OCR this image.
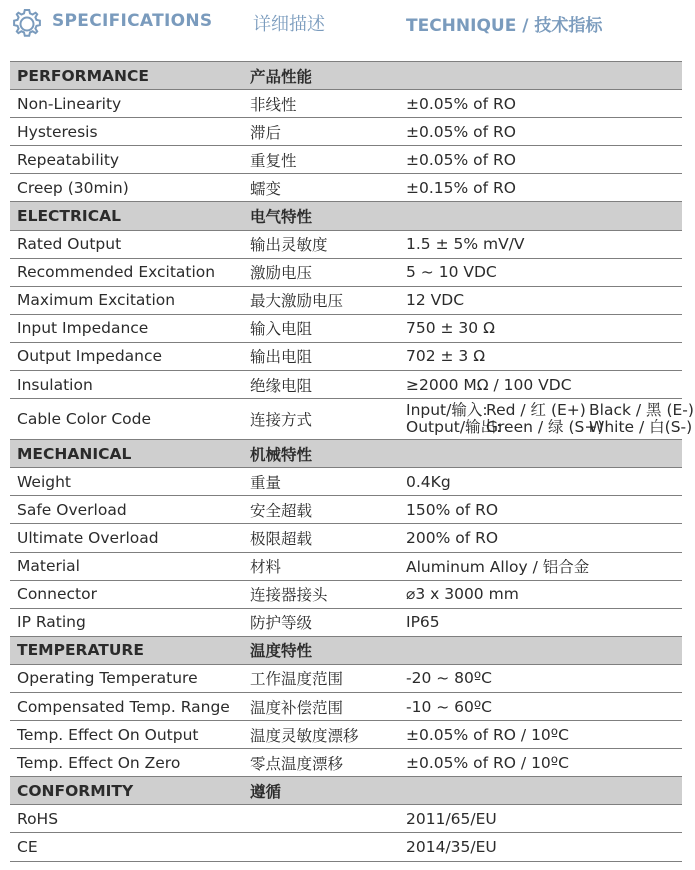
SPECIFICATIONS 详细描述	TECHNIQUE / 技术指标
PERFORMANCE	产品性能	
Non-Linearity	非线性	±0.05% of RO
Hysteresis	滞后	±0.05% of RO
Repeatability	重复性	±0.05% of RO
Creep (30min)	蠕变	±0.15% of RO
ELECTRICAL	电气特性	
Rated Output	输出灵敏度	1.5 ± 5% mV/V
Recommended Excitation	激励电压	5 ~ 10 VDC
Maximum Excitation	最大激励电压	12 VDC
Input Impedance	输入电阻	750 ± 30 Ω
Output Impedance	输出电阻	702 ± 3 Ω
Insulation	绝缘电阻	≥2000 MΩ / 100 VDC
Cable Color Code	连接方式	Input/输入:Red / 红 (E+) Black / 黑 (E-)
Output/输出:Green / 绿 (S+)White / 白(S-)

MECHANICAL	机械特性	
Weight	重量	0.4Kg
Safe Overload	安全超载	150% of RO
Ultimate Overload	极限超载	200% of RO
Material	材料	Aluminum Alloy / 铝合金
Connector	连接器接头	⌀3 x 3000 mm
IP Rating	防护等级	IP65
TEMPERATURE	温度特性	
Operating Temperature	工作温度范围	-20 ~ 80ºC
Compensated Temp. Range	温度补偿范围	-10 ~ 60ºC
Temp. Effect On Output	温度灵敏度漂移	±0.05% of RO / 10ºC
Temp. Effect On Zero	零点温度漂移	±0.05% of RO / 10ºC
CONFORMITY	遵循	
RoHS		2011/65/EU
CE		2014/35/EU
